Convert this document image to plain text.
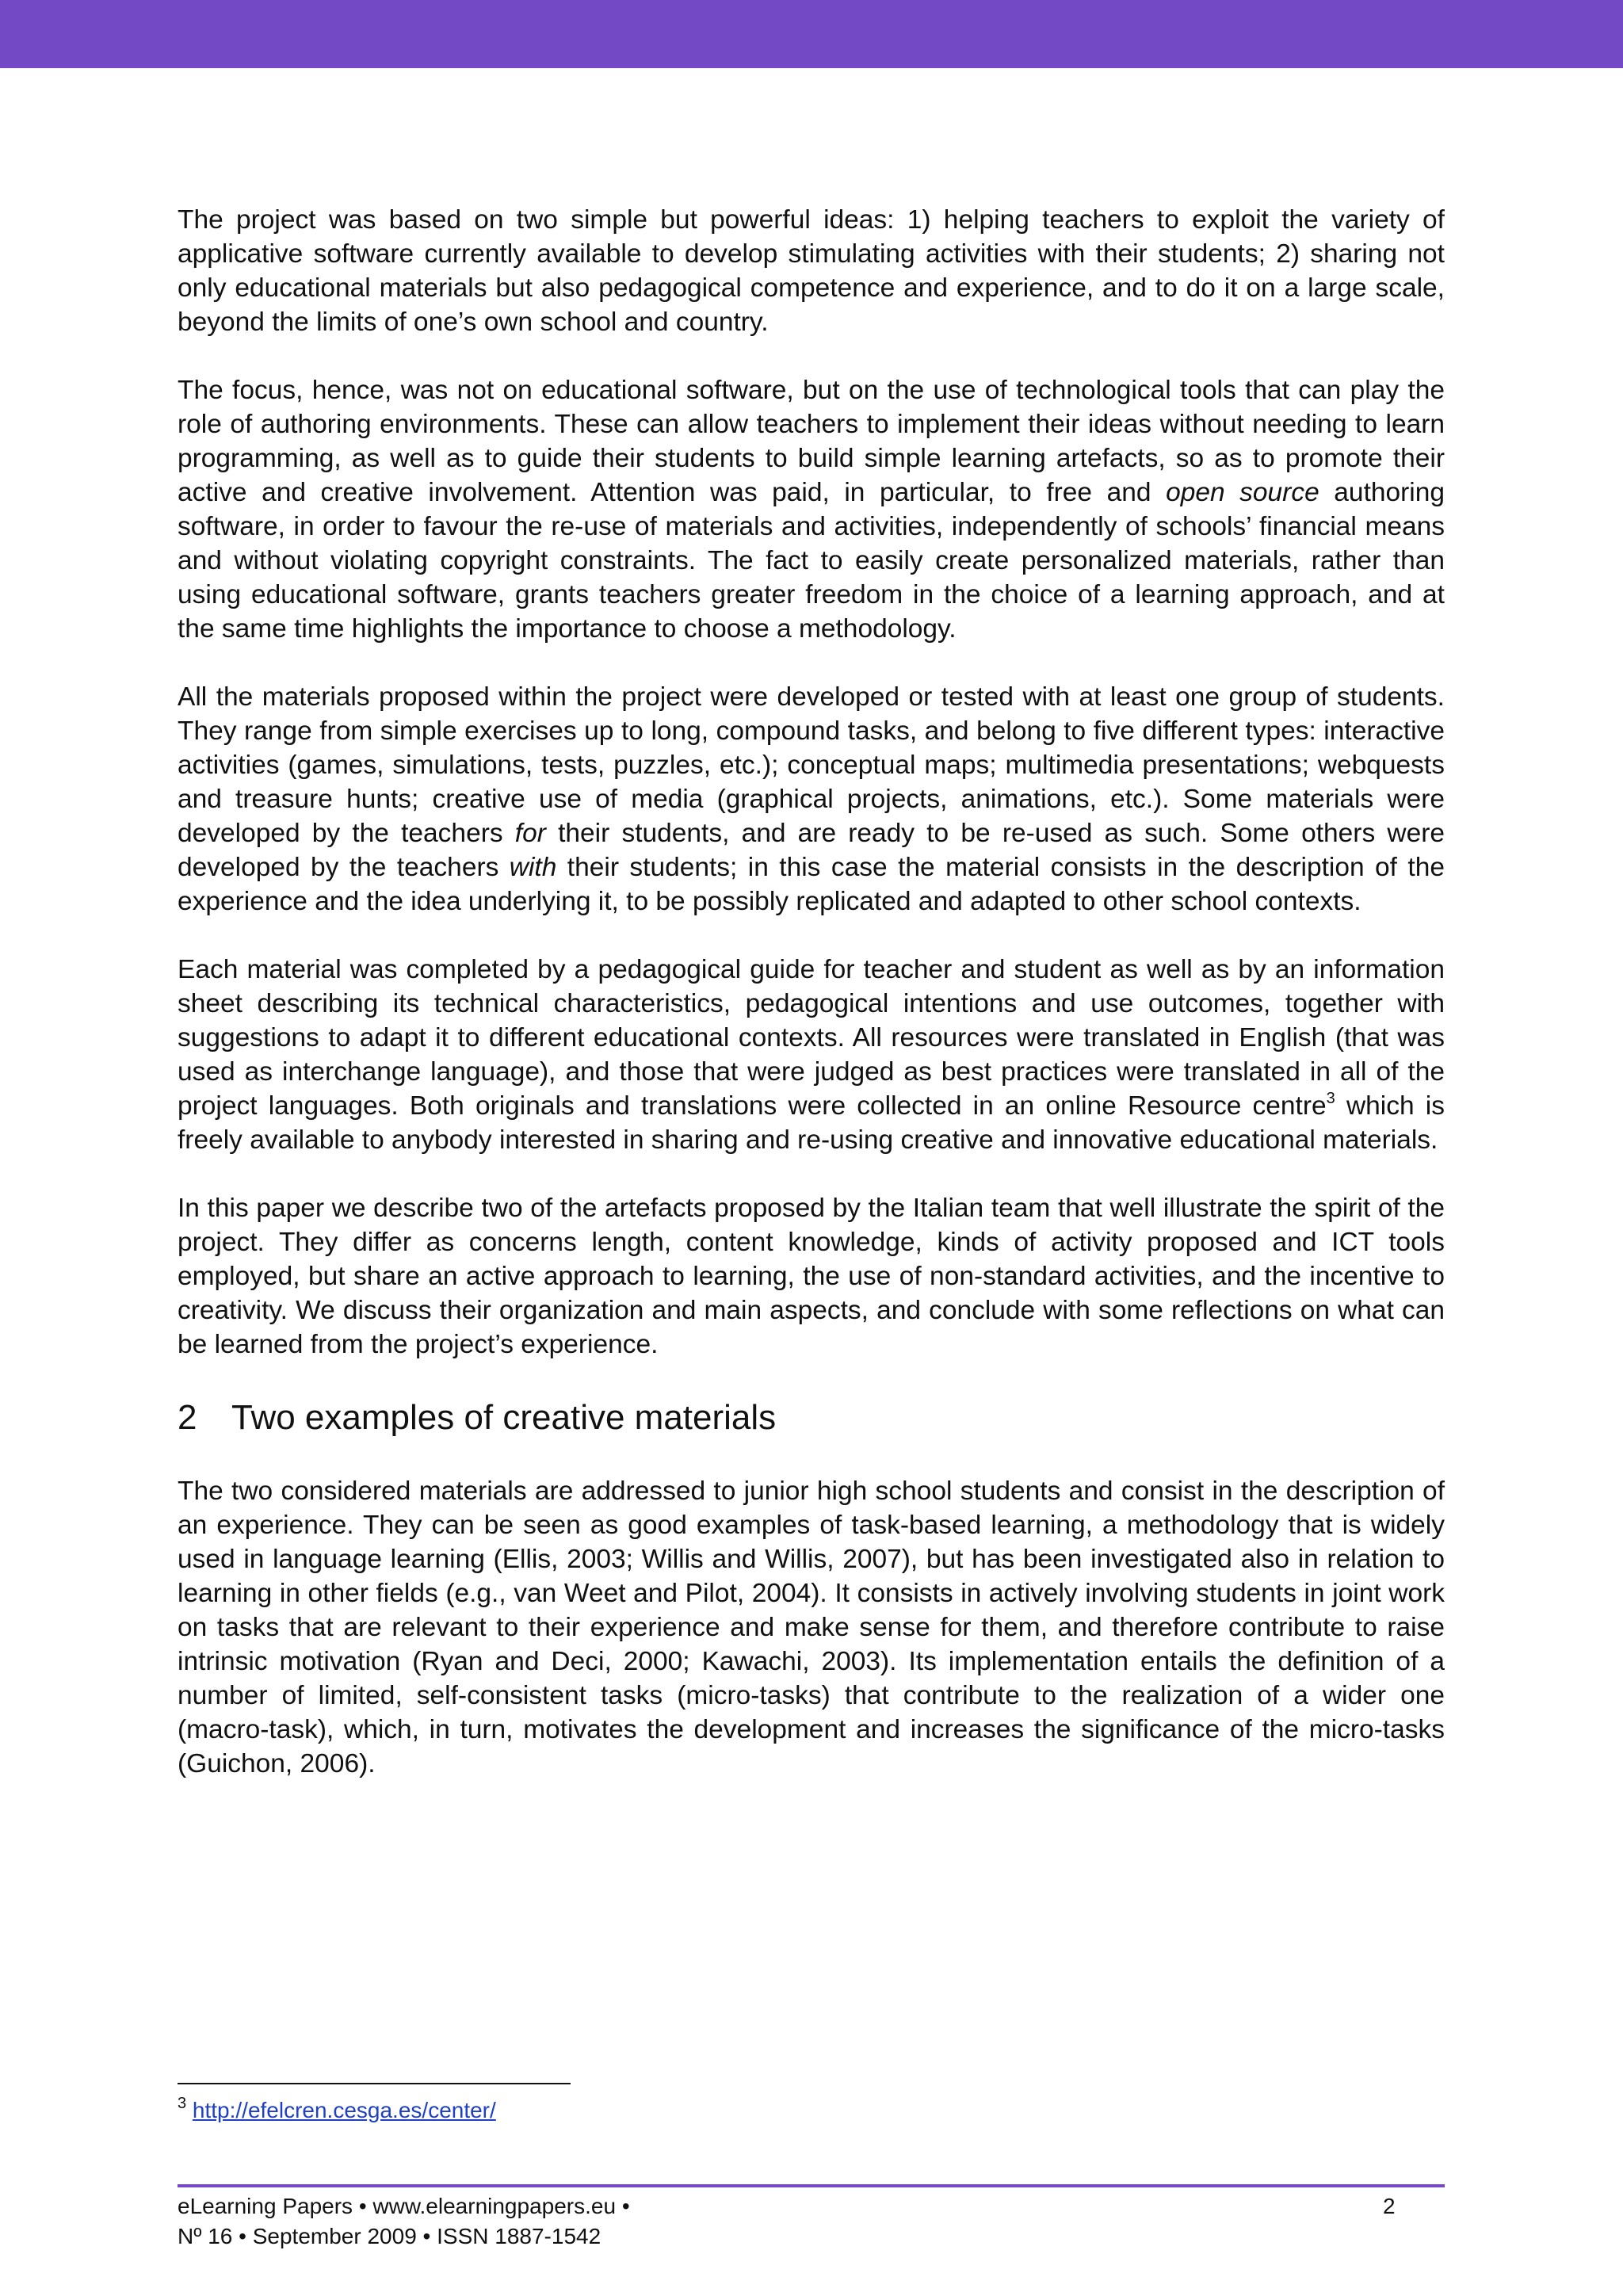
The project was based on two simple but powerful ideas: 1) helping teachers to exploit the variety of applicative software currently available to develop stimulating activities with their students; 2) sharing not only educational materials but also pedagogical competence and experience, and to do it on a large scale, beyond the limits of one’s own school and country.

The focus, hence, was not on educational software, but on the use of technological tools that can play the role of authoring environments. These can allow teachers to implement their ideas without needing to learn programming, as well as to guide their students to build simple learning artefacts, so as to promote their active and creative involvement. Attention was paid, in particular, to free and open source authoring software, in order to favour the re-use of materials and activities, independently of schools’ financial means and without violating copyright constraints. The fact to easily create personalized materials, rather than using educational software, grants teachers greater freedom in the choice of a learning approach, and at the same time highlights the importance to choose a methodology.

All the materials proposed within the project were developed or tested with at least one group of students. They range from simple exercises up to long, compound tasks, and belong to five different types: interactive activities (games, simulations, tests, puzzles, etc.); conceptual maps; multimedia presentations; webquests and treasure hunts; creative use of media (graphical projects, animations, etc.). Some materials were developed by the teachers for their students, and are ready to be re-used as such. Some others were developed by the teachers with their students; in this case the material consists in the description of the experience and the idea underlying it, to be possibly replicated and adapted to other school contexts.

Each material was completed by a pedagogical guide for teacher and student as well as by an information sheet describing its technical characteristics, pedagogical intentions and use outcomes, together with suggestions to adapt it to different educational contexts. All resources were translated in English (that was used as interchange language), and those that were judged as best practices were translated in all of the project languages. Both originals and translations were collected in an online Resource centre$^3$ which is freely available to anybody interested in sharing and re-using creative and innovative educational materials.

In this paper we describe two of the artefacts proposed by the Italian team that well illustrate the spirit of the project. They differ as concerns length, content knowledge, kinds of activity proposed and ICT tools employed, but share an active approach to learning, the use of non-standard activities, and the incentive to creativity. We discuss their organization and main aspects, and conclude with some reflections on what can be learned from the project’s experience.

2 Two examples of creative materials

The two considered materials are addressed to junior high school students and consist in the description of an experience. They can be seen as good examples of task-based learning, a methodology that is widely used in language learning (Ellis, 2003; Willis and Willis, 2007), but has been investigated also in relation to learning in other fields (e.g., van Weet and Pilot, 2004). It consists in actively involving students in joint work on tasks that are relevant to their experience and make sense for them, and therefore contribute to raise intrinsic motivation (Ryan and Deci, 2000; Kawachi, 2003). Its implementation entails the definition of a number of limited, self-consistent tasks (micro-tasks) that contribute to the realization of a wider one (macro-task), which, in turn, motivates the development and increases the significance of the micro-tasks (Guichon, 2006).

$^3$ http://efelcren.cesga.es/center/
eLearning Papers • www.elearningpapers.eu •
Nº 16 • September 2009 • ISSN 1887-1542
2
